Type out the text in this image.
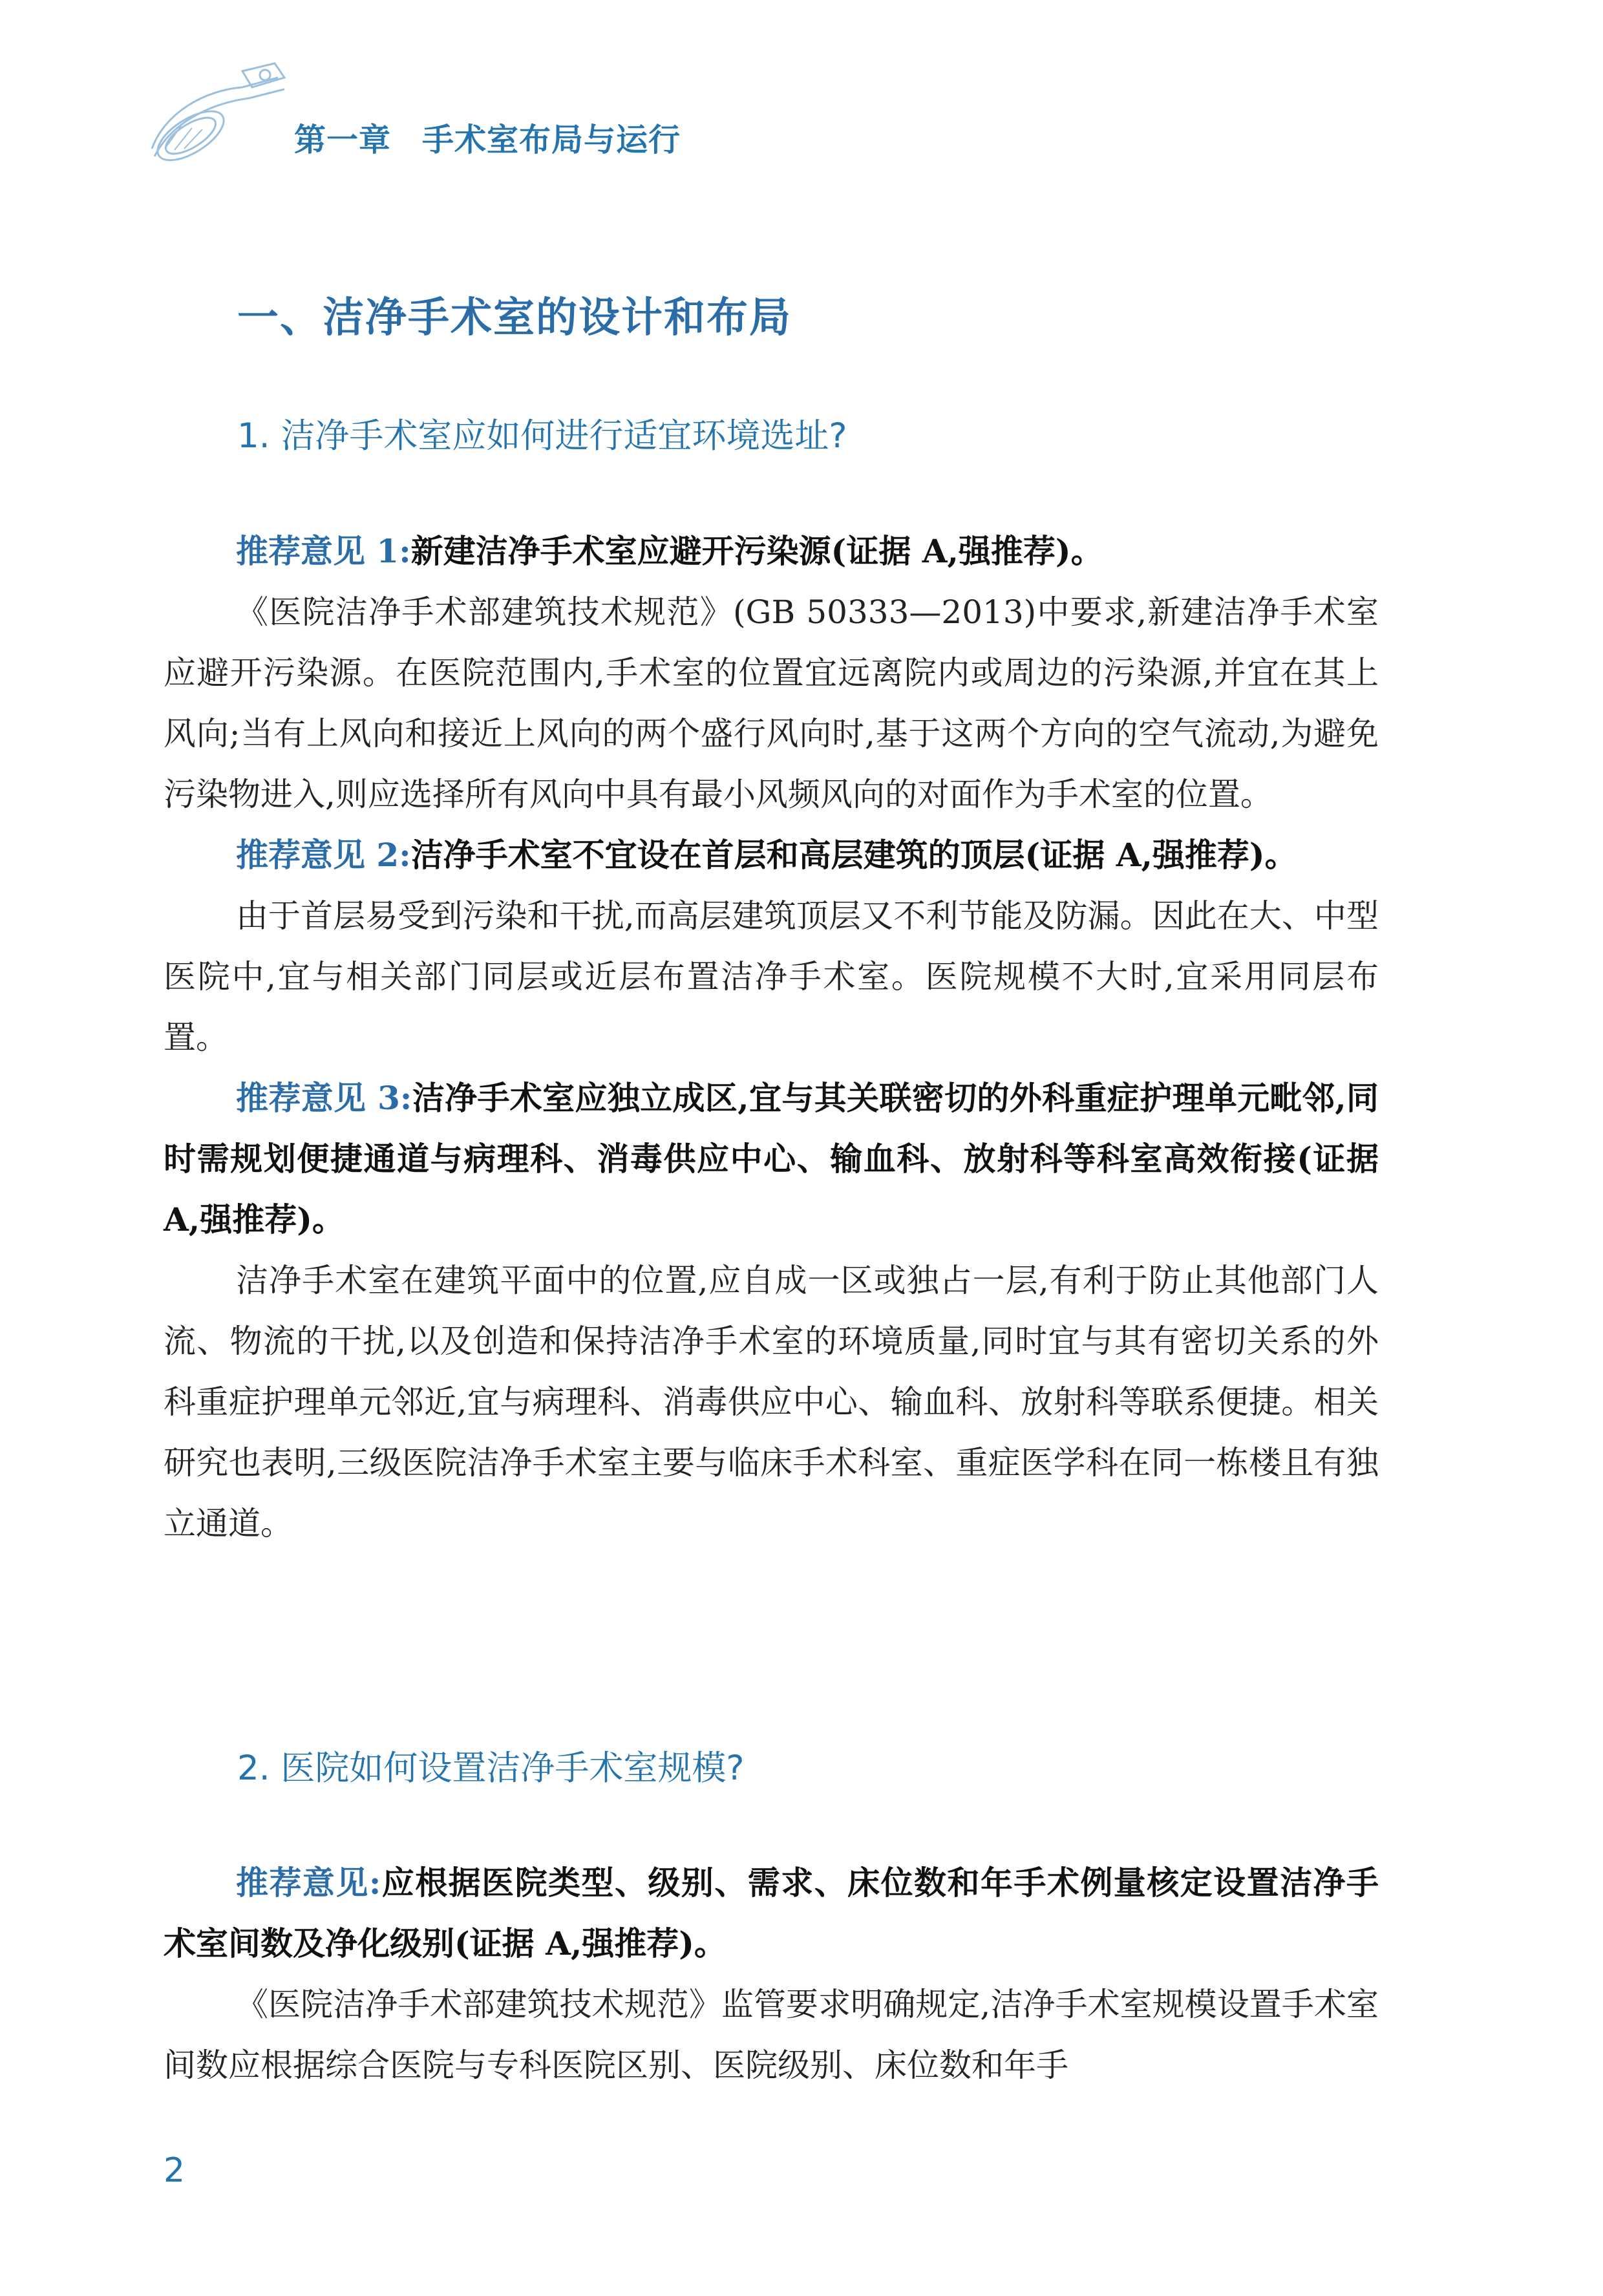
第一章 手术室布局与运行
一、洁净手术室的设计和布局
1. 洁净手术室应如何进行适宜环境选址?

推荐意见 1:新建洁净手术室应避开污染源(证据 A,强推荐)。

《医院洁净手术部建筑技术规范》(GB 50333—2013)中要求,新建洁净手术室应避开污染源。在医院范围内,手术室的位置宜远离院内或周边的污染源,并宜在其上风向;当有上风向和接近上风向的两个盛行风向时,基于这两个方向的空气流动,为避免污染物进入,则应选择所有风向中具有最小风频风向的对面作为手术室的位置。

推荐意见 2:洁净手术室不宜设在首层和高层建筑的顶层(证据 A,强推荐)。

由于首层易受到污染和干扰,而高层建筑顶层又不利节能及防漏。因此在大、中型医院中,宜与相关部门同层或近层布置洁净手术室。医院规模不大时,宜采用同层布置。

推荐意见 3:洁净手术室应独立成区,宜与其关联密切的外科重症护理单元毗邻,同时需规划便捷通道与病理科、消毒供应中心、输血科、放射科等科室高效衔接(证据 A,强推荐)。

洁净手术室在建筑平面中的位置,应自成一区或独占一层,有利于防止其他部门人流、物流的干扰,以及创造和保持洁净手术室的环境质量,同时宜与其有密切关系的外科重症护理单元邻近,宜与病理科、消毒供应中心、输血科、放射科等联系便捷。相关研究也表明,三级医院洁净手术室主要与临床手术科室、重症医学科在同一栋楼且有独立通道。

2. 医院如何设置洁净手术室规模?

推荐意见:应根据医院类型、级别、需求、床位数和年手术例量核定设置洁净手术室间数及净化级别(证据 A,强推荐)。

《医院洁净手术部建筑技术规范》监管要求明确规定,洁净手术室规模设置手术室间数应根据综合医院与专科医院区别、医院级别、床位数和年手

2
